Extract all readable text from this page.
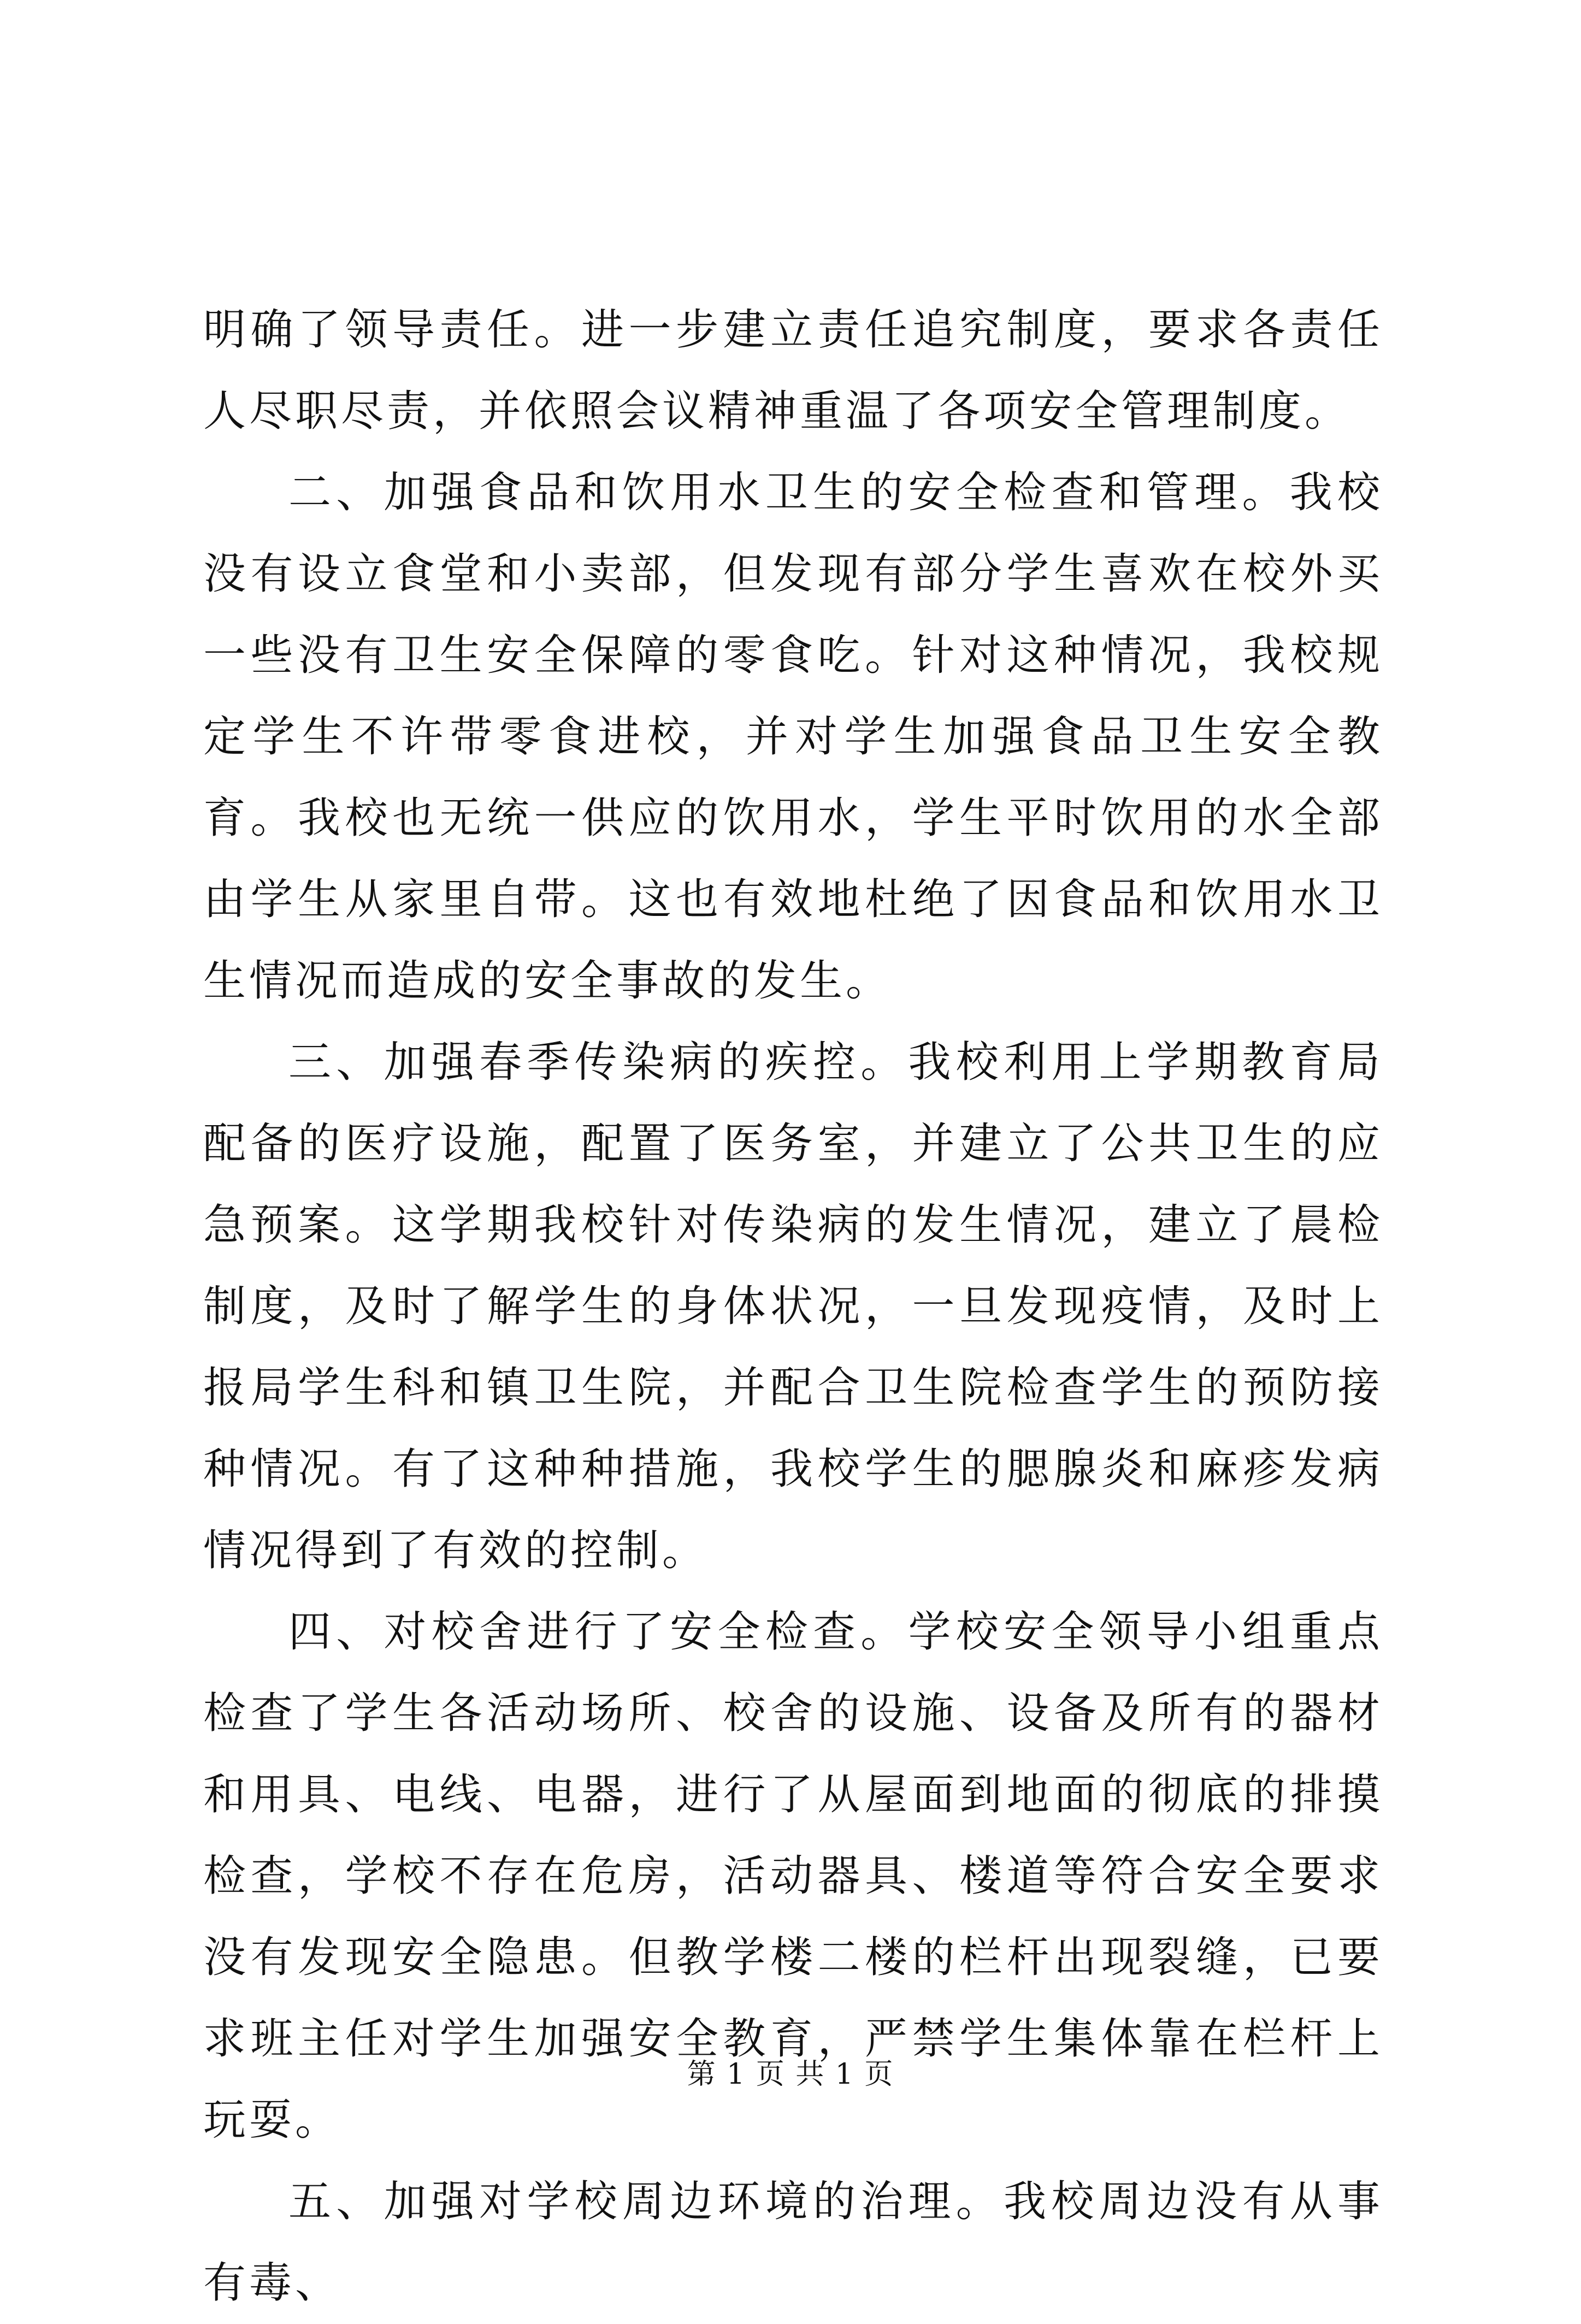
明确了领导责任。进一步建立责任追究制度，要求各责任人尽职尽责，并依照会议精神重温了各项安全管理制度。

二、加强食品和饮用水卫生的安全检查和管理。我校没有设立食堂和小卖部，但发现有部分学生喜欢在校外买一些没有卫生安全保障的零食吃。针对这种情况，我校规定学生不许带零食进校，并对学生加强食品卫生安全教育。我校也无统一供应的饮用水，学生平时饮用的水全部由学生从家里自带。这也有效地杜绝了因食品和饮用水卫生情况而造成的安全事故的发生。

三、加强春季传染病的疾控。我校利用上学期教育局配备的医疗设施，配置了医务室，并建立了公共卫生的应急预案。这学期我校针对传染病的发生情况，建立了晨检制度，及时了解学生的身体状况，一旦发现疫情，及时上报局学生科和镇卫生院，并配合卫生院检查学生的预防接种情况。有了这种种措施，我校学生的腮腺炎和麻疹发病情况得到了有效的控制。

四、对校舍进行了安全检查。学校安全领导小组重点检查了学生各活动场所、校舍的设施、设备及所有的器材和用具、电线、电器，进行了从屋面到地面的彻底的排摸检查，学校不存在危房，活动器具、楼道等符合安全要求没有发现安全隐患。但教学楼二楼的栏杆出现裂缝，已要求班主任对学生加强安全教育，严禁学生集体靠在栏杆上玩耍。

五、加强对学校周边环境的治理。我校周边没有从事有毒、

第 1 页 共 1 页
